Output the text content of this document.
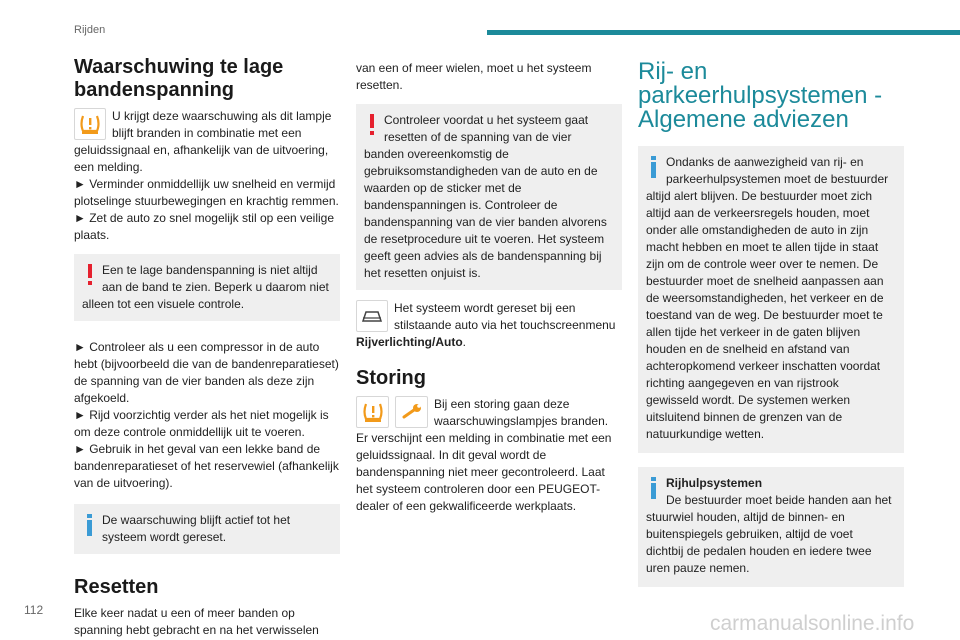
Rijden
Waarschuwing te lage bandenspanning

U krijgt deze waarschuwing als dit lampje blijft branden in combinatie met een geluidssignaal en, afhankelijk van de uitvoering, een melding.

► Verminder onmiddellijk uw snelheid en vermijd plotselinge stuurbewegingen en krachtig remmen.

► Zet de auto zo snel mogelijk stil op een veilige plaats.

Een te lage bandenspanning is niet altijd aan de band te zien. Beperk u daarom niet alleen tot een visuele controle.

► Controleer als u een compressor in de auto hebt (bijvoorbeeld die van de bandenreparatieset) de spanning van de vier banden als deze zijn afgekoeld.

► Rijd voorzichtig verder als het niet mogelijk is om deze controle onmiddellijk uit te voeren.

► Gebruik in het geval van een lekke band de bandenreparatieset of het reservewiel (afhankelijk van de uitvoering).

De waarschuwing blijft actief tot het systeem wordt gereset.

Resetten

Elke keer nadat u een of meer banden op spanning hebt gebracht en na het verwisselen

van een of meer wielen, moet u het systeem resetten.

Controleer voordat u het systeem gaat resetten of de spanning van de vier banden overeenkomstig de gebruiksomstandigheden van de auto en de waarden op de sticker met de bandenspanningen is. Controleer de bandenspanning van de vier banden alvorens de resetprocedure uit te voeren. Het systeem geeft geen advies als de bandenspanning bij het resetten onjuist is.

Het systeem wordt gereset bij een stilstaande auto via het touchscreenmenu Rijverlichting/Auto.

Storing

Bij een storing gaan deze waarschuwingslampjes branden. Er verschijnt een melding in combinatie met een geluidssignaal. In dit geval wordt de bandenspanning niet meer gecontroleerd. Laat het systeem controleren door een PEUGEOT-dealer of een gekwalificeerde werkplaats.

Rij- en parkeerhulpsystemen - Algemene adviezen

Ondanks de aanwezigheid van rij- en parkeerhulpsystemen moet de bestuurder altijd alert blijven. De bestuurder moet zich altijd aan de verkeersregels houden, moet onder alle omstandigheden de auto in zijn macht hebben en moet te allen tijde in staat zijn om de controle weer over te nemen. De bestuurder moet de snelheid aanpassen aan de weersomstandigheden, het verkeer en de toestand van de weg. De bestuurder moet te allen tijde het verkeer in de gaten blijven houden en de snelheid en afstand van achteropkomend verkeer inschatten voordat richting aangegeven en van rijstrook gewisseld wordt. De systemen werken uitsluitend binnen de grenzen van de natuurkundige wetten.

Rijhulpsystemen

De bestuurder moet beide handen aan het stuurwiel houden, altijd de binnen- en buitenspiegels gebruiken, altijd de voet dichtbij de pedalen houden en iedere twee uren pauze nemen.

112
carmanualsonline.info
